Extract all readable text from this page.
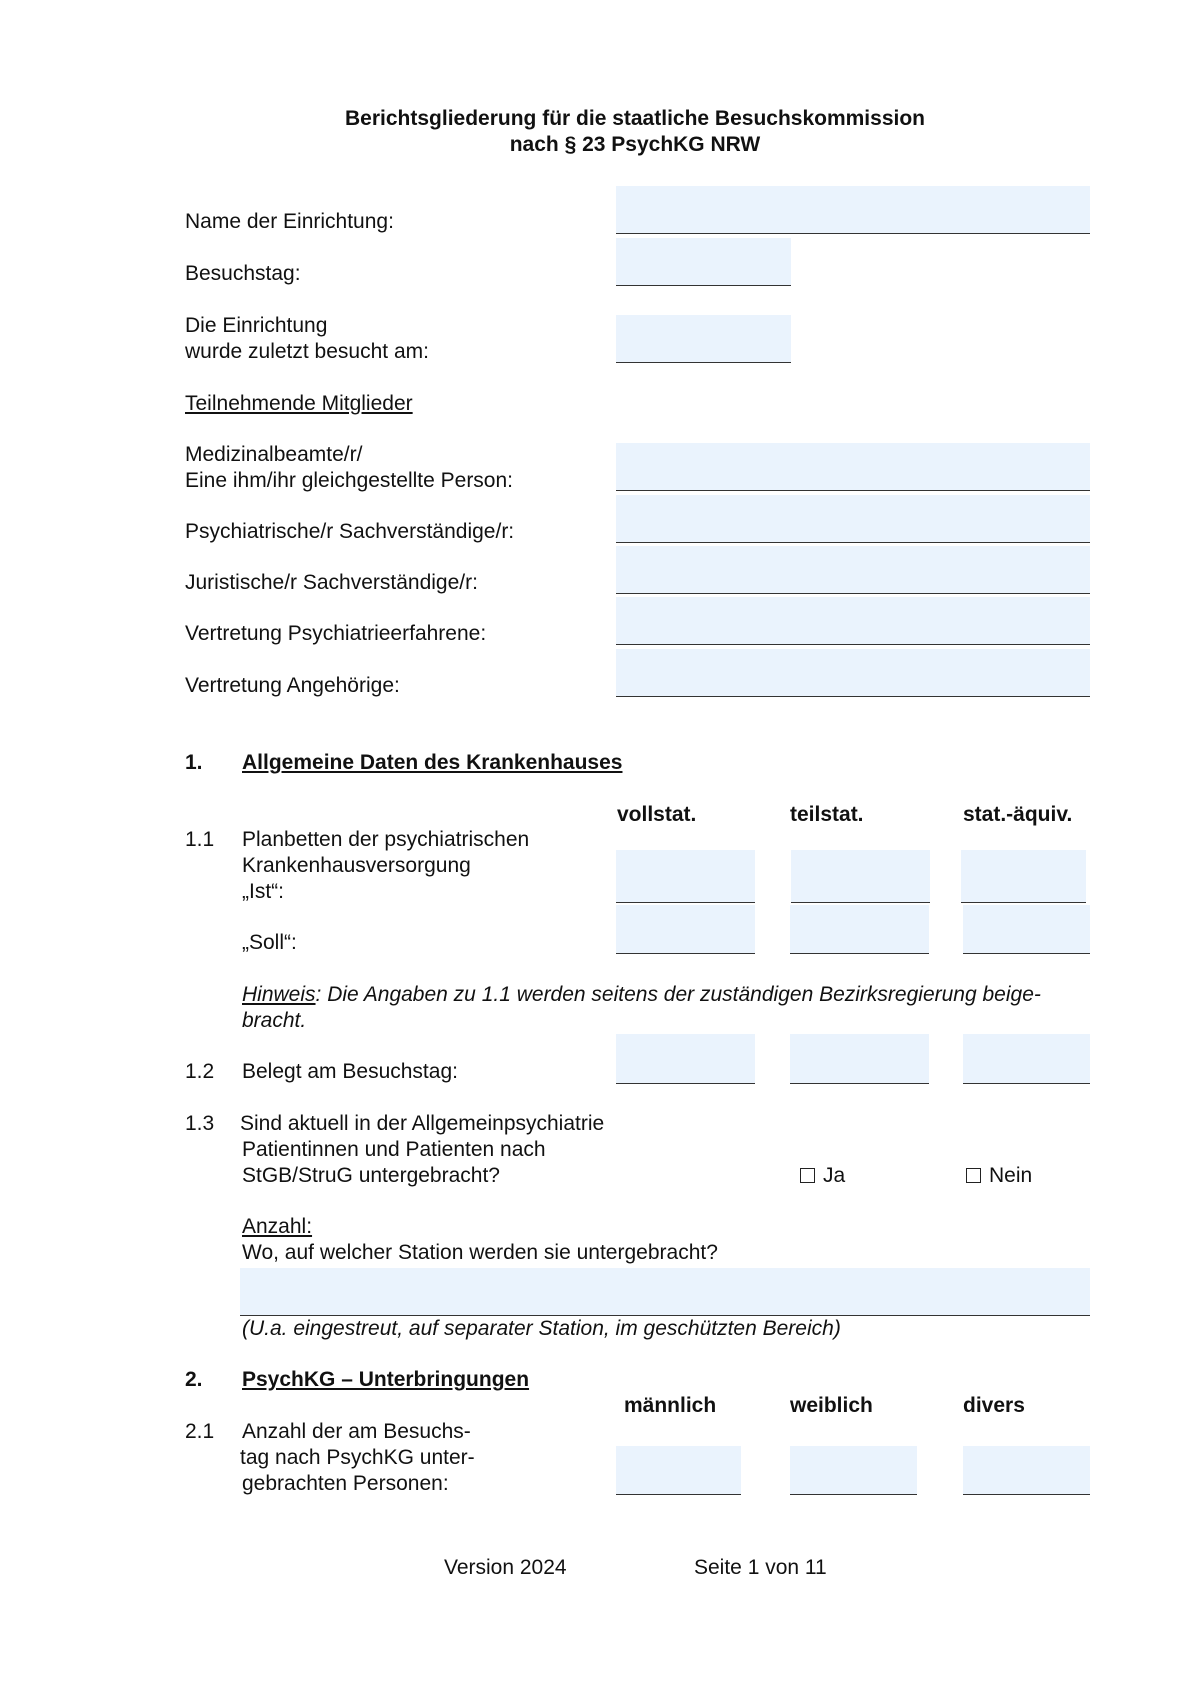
Berichtsgliederung für die staatliche Besuchskommission
nach § 23 PsychKG NRW
Name der Einrichtung:
Besuchstag:
Die Einrichtung
wurde zuletzt besucht am:
Teilnehmende Mitglieder
Medizinalbeamte/r/
Eine ihm/ihr gleichgestellte Person:
Psychiatrische/r Sachverständige/r:
Juristische/r Sachverständige/r:
Vertretung Psychiatrieerfahrene:
Vertretung Angehörige:
1. Allgemeine Daten des Krankenhauses
vollstat.	teilstat.	stat.-äquiv.
1.1 Planbetten der psychiatrischen
Krankenhausversorgung
„Ist“:
„Soll“:
Hinweis: Die Angaben zu 1.1 werden seitens der zuständigen Bezirksregierung beige-
bracht.
1.2 Belegt am Besuchstag:
1.3 Sind aktuell in der Allgemeinpsychiatrie
Patientinnen und Patienten nach
StGB/StruG untergebracht?	Ja	Nein
Anzahl:
Wo, auf welcher Station werden sie untergebracht?
(U.a. eingestreut, auf separater Station, im geschützten Bereich)
2. PsychKG – Unterbringungen
männlich	weiblich	divers
2.1 Anzahl der am Besuchs-
tag nach PsychKG unter-
gebrachten Personen:
Version 2024	Seite 1 von 11
